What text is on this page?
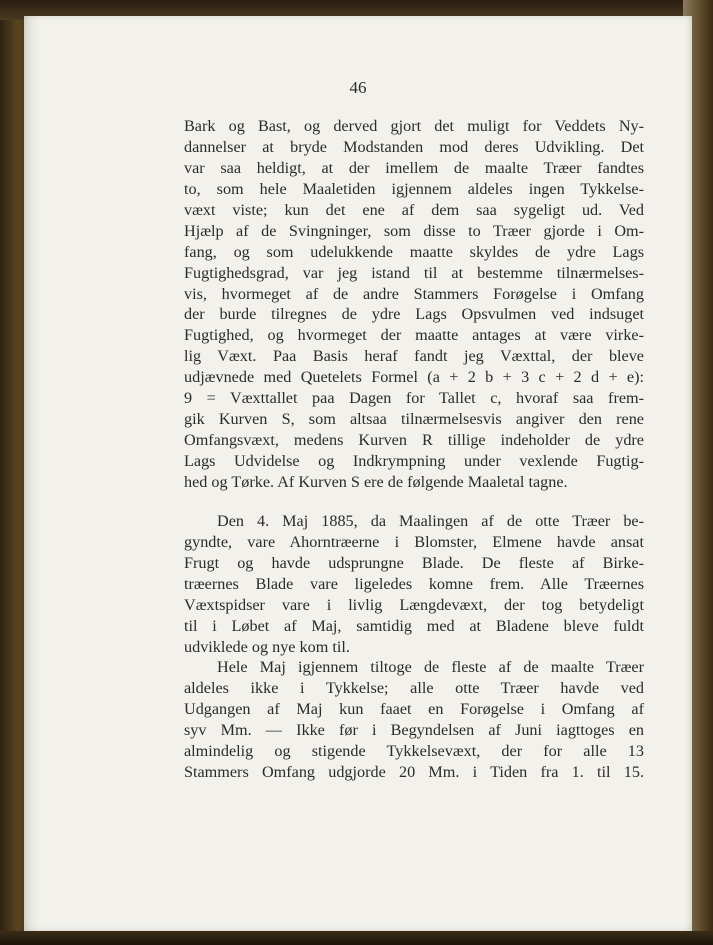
46
Bark og Bast, og derved gjort det muligt for Veddets Ny-
dannelser at bryde Modstanden mod deres Udvikling. Det
var saa heldigt, at der imellem de maalte Træer fandtes
to, som hele Maaletiden igjennem aldeles ingen Tykkelse-
væxt viste; kun det ene af dem saa sygeligt ud. Ved
Hjælp af de Svingninger, som disse to Træer gjorde i Om-
fang, og som udelukkende maatte skyldes de ydre Lags
Fugtighedsgrad, var jeg istand til at bestemme tilnærmelses-
vis, hvormeget af de andre Stammers Forøgelse i Omfang
der burde tilregnes de ydre Lags Opsvulmen ved indsuget
Fugtighed, og hvormeget der maatte antages at være virke-
lig Væxt. Paa Basis heraf fandt jeg Væxttal, der bleve
udjævnede med Quetelets Formel (a + 2 b + 3 c + 2 d + e):
9 = Væxttallet paa Dagen for Tallet c, hvoraf saa frem-
gik Kurven S, som altsaa tilnærmelsesvis angiver den rene
Omfangsvæxt, medens Kurven R tillige indeholder de ydre
Lags Udvidelse og Indkrympning under vexlende Fugtig-
hed og Tørke. Af Kurven S ere de følgende Maaletal tagne.
Den 4. Maj 1885, da Maalingen af de otte Træer be-
gyndte, vare Ahorntræerne i Blomster, Elmene havde ansat
Frugt og havde udsprungne Blade. De fleste af Birke-
træernes Blade vare ligeledes komne frem. Alle Træernes
Væxtspidser vare i livlig Længdevæxt, der tog betydeligt
til i Løbet af Maj, samtidig med at Bladene bleve fuldt
udviklede og nye kom til.
Hele Maj igjennem tiltoge de fleste af de maalte Træer
aldeles ikke i Tykkelse; alle otte Træer havde ved
Udgangen af Maj kun faaet en Forøgelse i Omfang af
syv Mm. — Ikke før i Begyndelsen af Juni iagttoges en
almindelig og stigende Tykkelsevæxt, der for alle 13
Stammers Omfang udgjorde 20 Mm. i Tiden fra 1. til 15.
